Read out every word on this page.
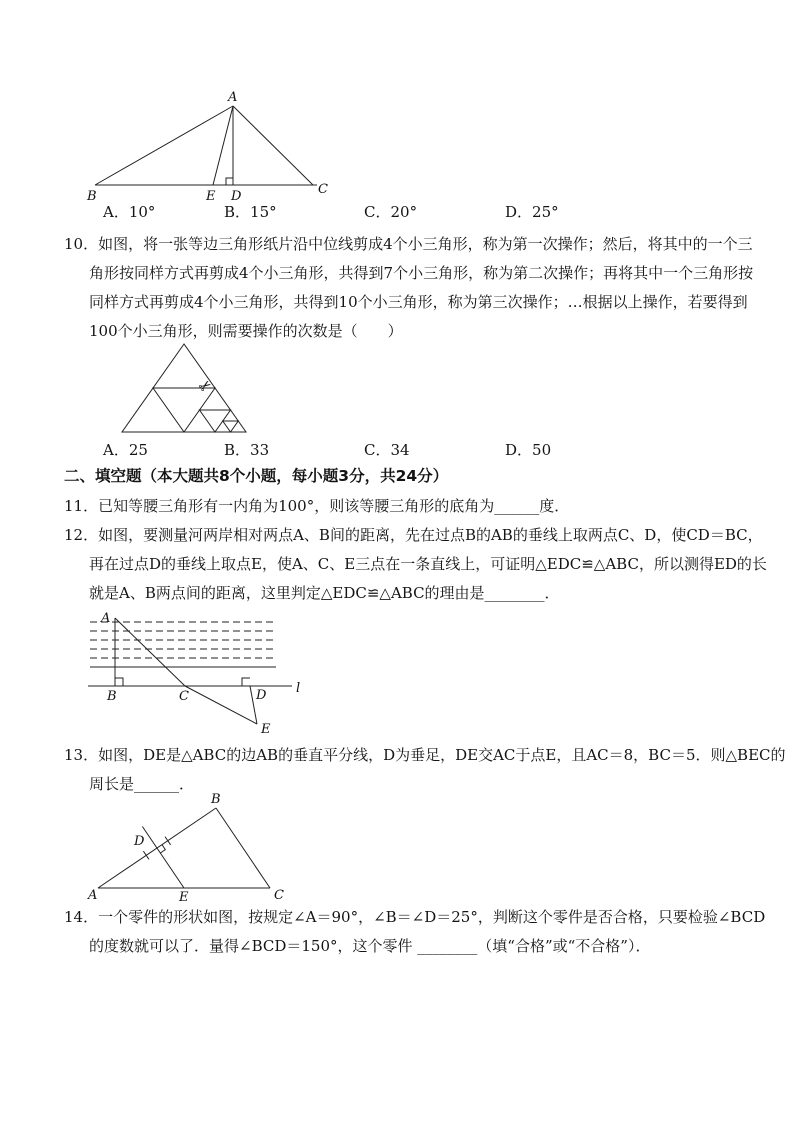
A
B	E D	C
A．10°	B．15°	C．20°	D．25°
10．如图，将一张等边三角形纸片沿中位线剪成4个小三角形，称为第一次操作；然后，将其中的一个三
角形按同样方式再剪成4个小三角形，共得到7个小三角形，称为第二次操作；再将其中一个三角形按
同样方式再剪成4个小三角形，共得到10个小三角形，称为第三次操作；…根据以上操作，若要得到
100个小三角形，则需要操作的次数是（　　）
✂
A．25	B．33	C．34	D．50
二、填空题（本大题共8个小题，每小题3分，共24分）
11．已知等腰三角形有一内角为100°，则该等腰三角形的底角为______度．
12．如图，要测量河两岸相对两点A、B间的距离，先在过点B的AB的垂线上取两点C、D，使CD＝BC，
再在过点D的垂线上取点E，使A、C、E三点在一条直线上，可证明△EDC≌△ABC，所以测得ED的长
就是A、B两点间的距离，这里判定△EDC≌△ABC的理由是________．
A
B	C	D l
E
13．如图，DE是△ABC的边AB的垂直平分线，D为垂足，DE交AC于点E，且AC＝8，BC＝5．则△BEC的
周长是______．
B
D
A	E	C
14．一个零件的形状如图，按规定∠A＝90°，∠B＝∠D＝25°，判断这个零件是否合格，只要检验∠BCD
的度数就可以了．量得∠BCD＝150°，这个零件 ________（填“合格”或“不合格”）．
